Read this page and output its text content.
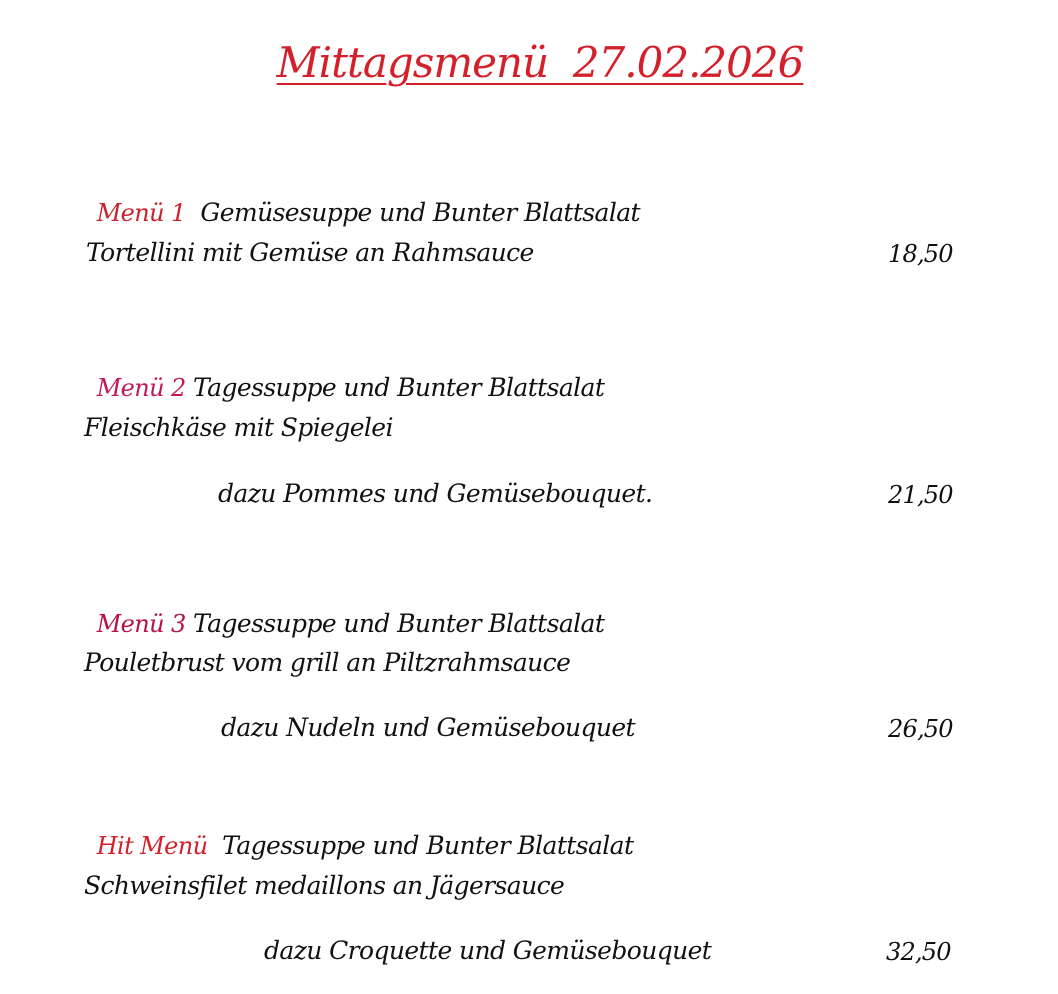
Mittagsmenü  27.02.2026

Menü 1  Gemüsesuppe und Bunter Blattsalat

Tortellini mit Gemüse an Rahmsauce	18,50

Menü 2 Tagessuppe und Bunter Blattsalat

Fleischkäse mit Spiegelei
dazu Pommes und Gemüsebouquet.	21,50

Menü 3 Tagessuppe und Bunter Blattsalat

Pouletbrust vom grill an Piltzrahmsauce
dazu Nudeln und Gemüsebouquet	26,50

Hit Menü  Tagessuppe und Bunter Blattsalat

Schweinsfilet medaillons an Jägersauce
dazu Croquette und Gemüsebouquet	32,50
